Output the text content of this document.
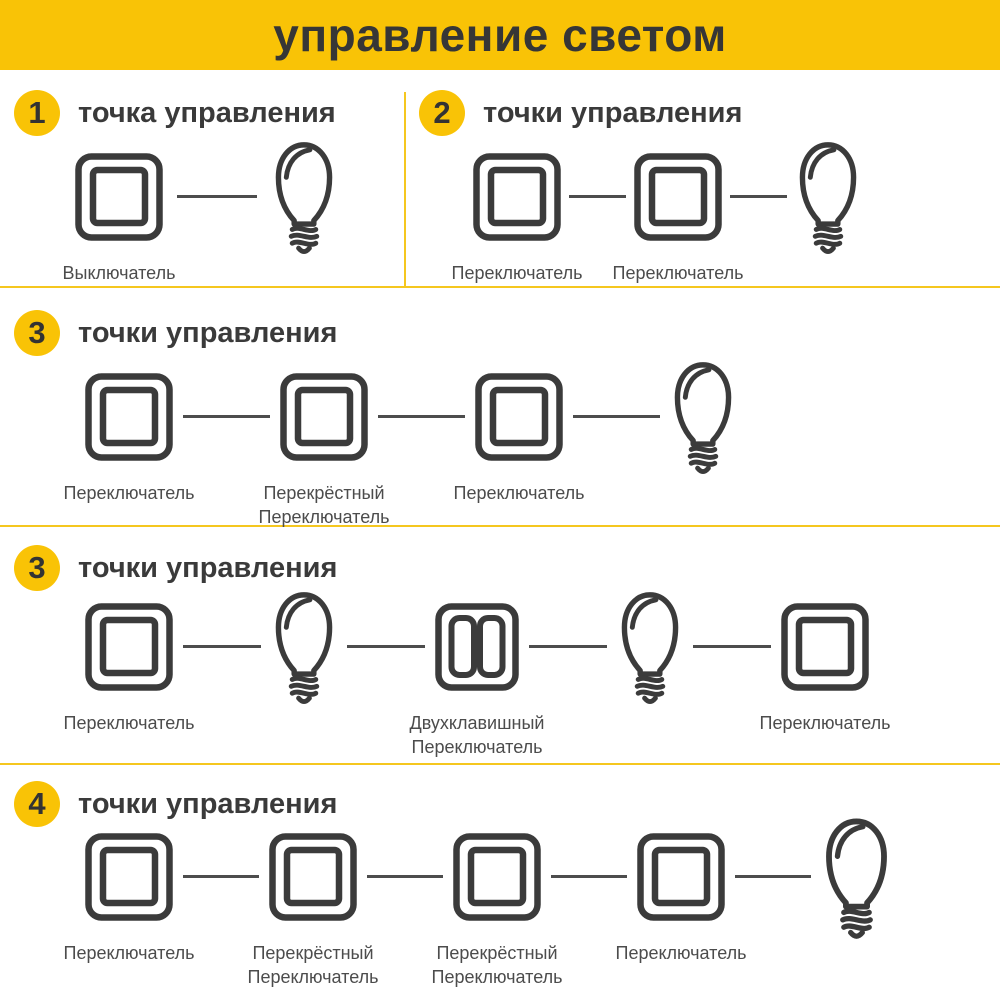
управление светом
1	точка управления
Выключатель
2	точки управления
Переключатель Переключатель
3	точки управления
Переключатель	Перекрёстный
Переключатель
Переключатель
3	точки управления
Переключатель	Двухклавишный
Переключатель
Переключатель
4	точки управления
Переключатель	Перекрёстный
Переключатель
Перекрёстный
Переключатель
Переключатель
